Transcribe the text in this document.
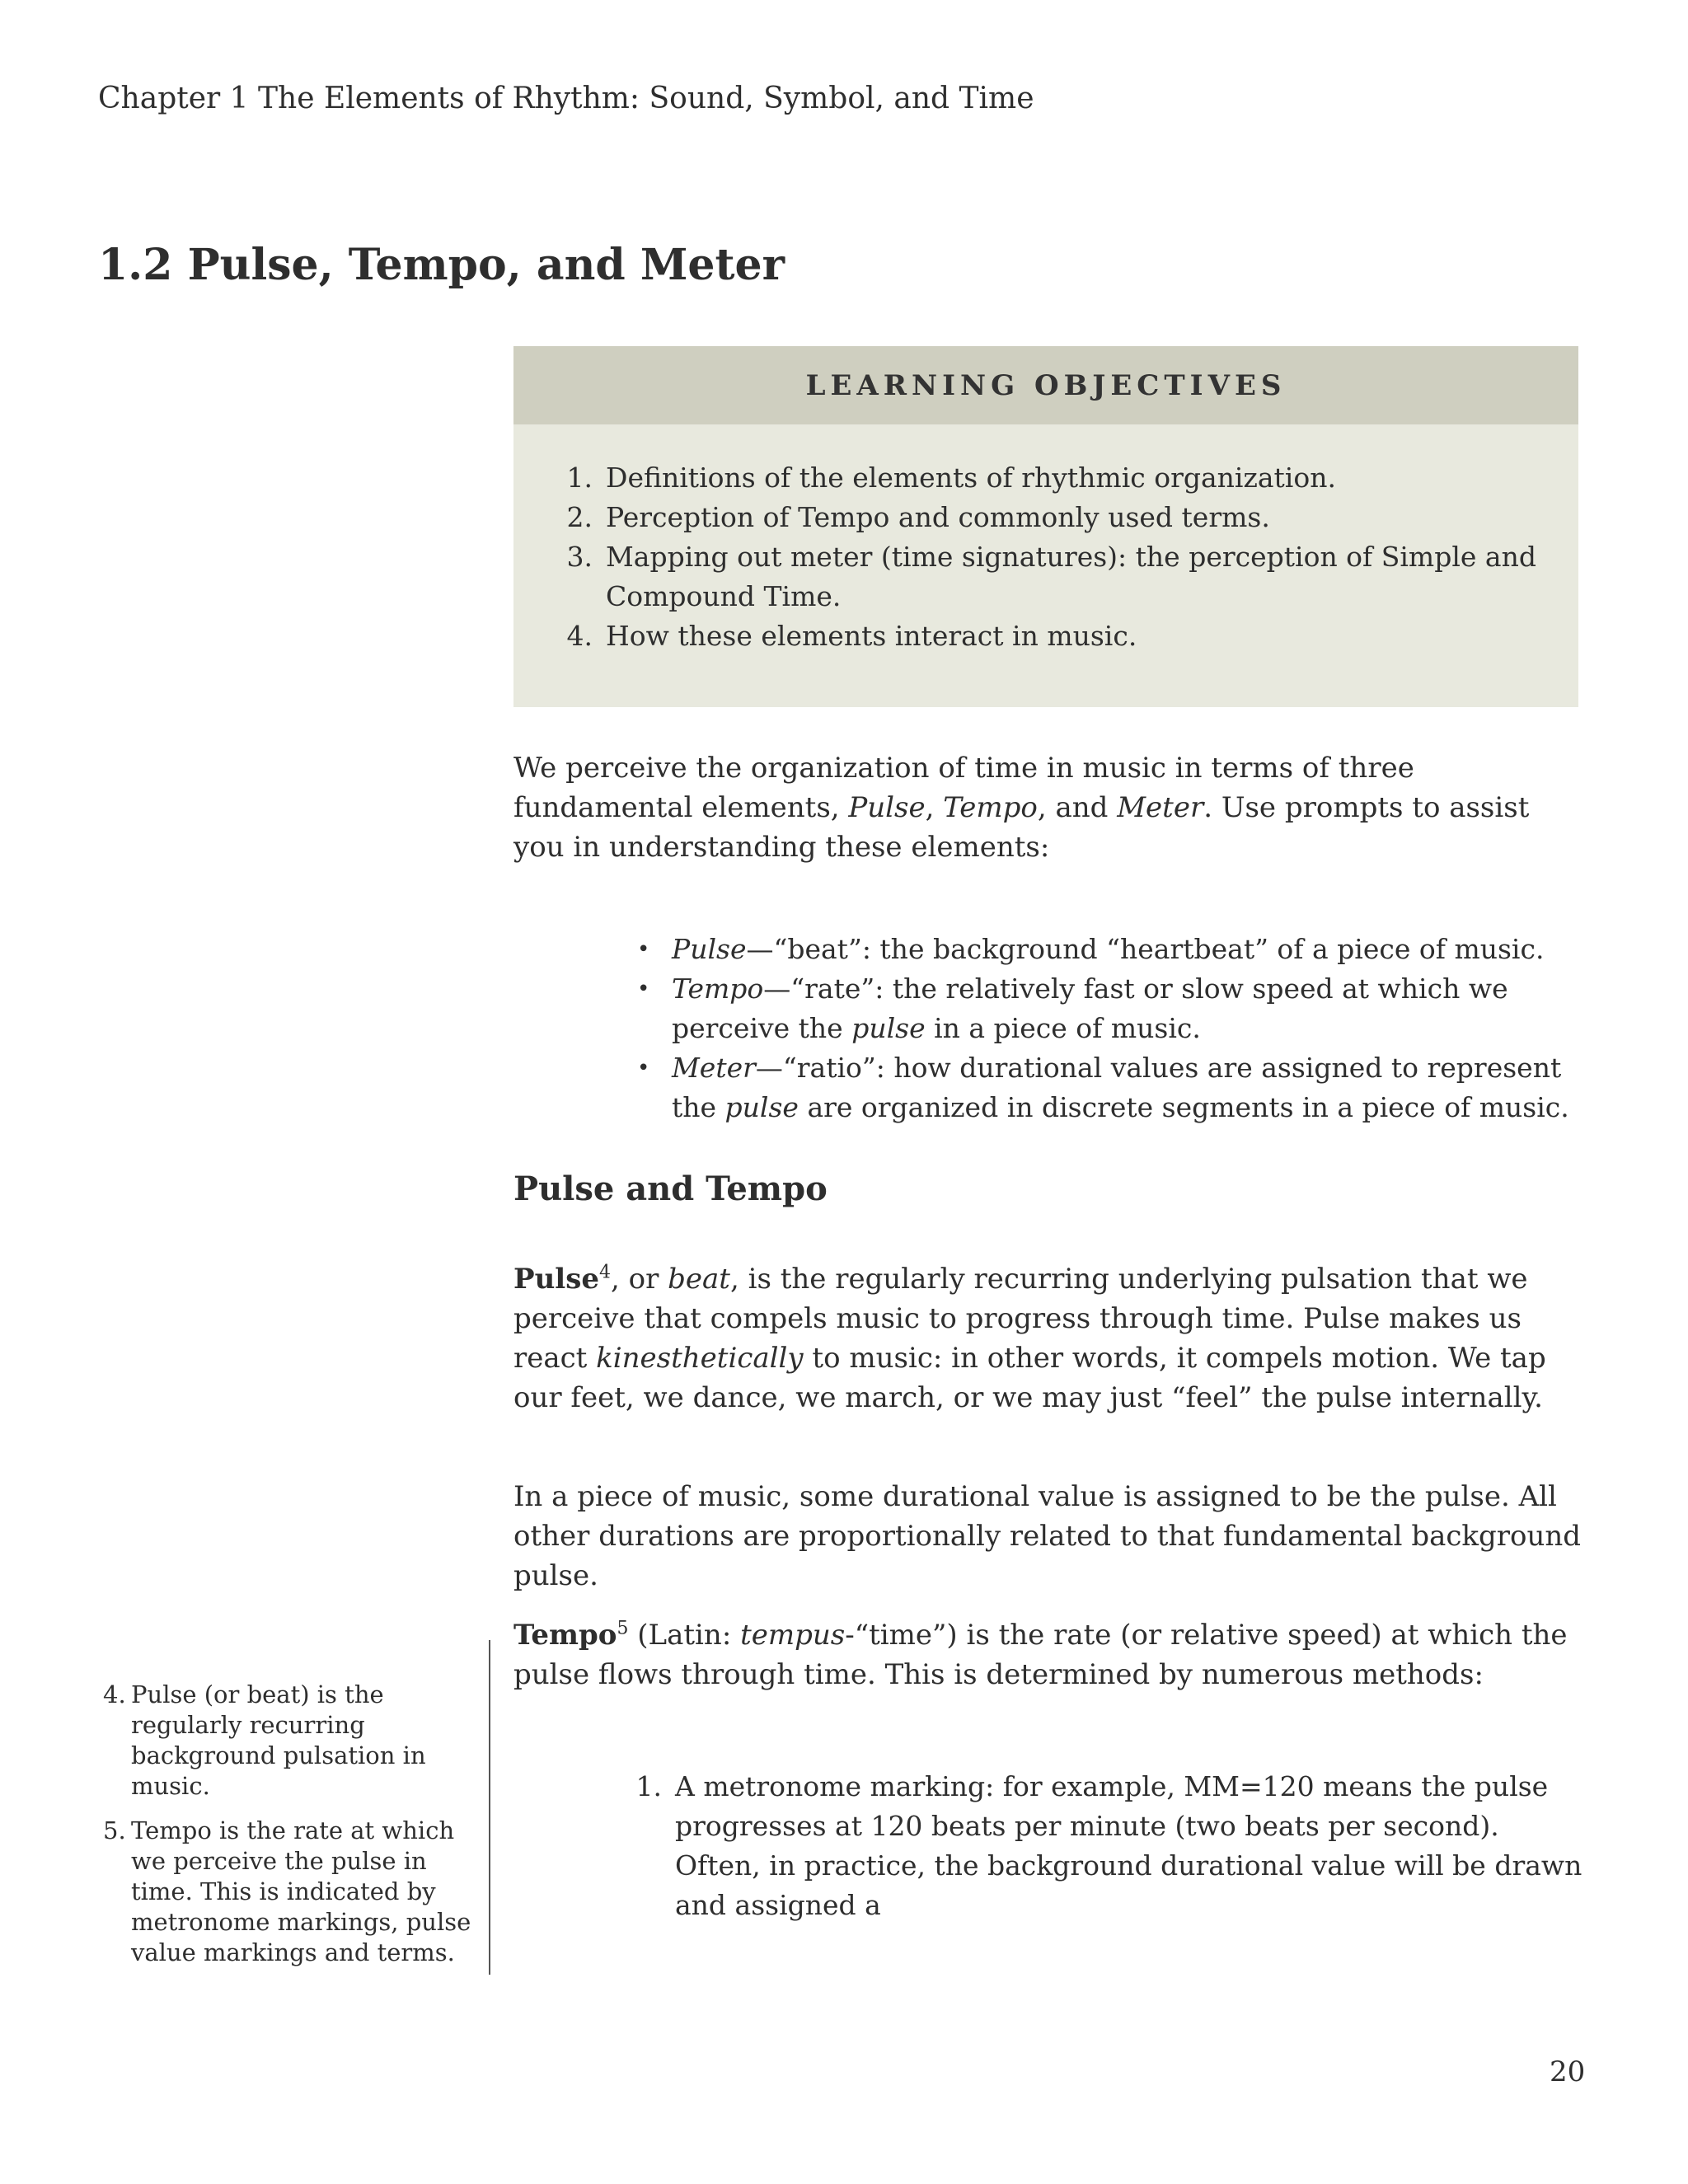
Chapter 1 The Elements of Rhythm: Sound, Symbol, and Time
1.2 Pulse, Tempo, and Meter
LEARNING OBJECTIVES
1. Definitions of the elements of rhythmic organization.
2. Perception of Tempo and commonly used terms.
3. Mapping out meter (time signatures): the perception of Simple and Compound Time.
4. How these elements interact in music.

We perceive the organization of time in music in terms of three fundamental elements, Pulse, Tempo, and Meter. Use prompts to assist you in understanding these elements:

• Pulse—“beat”: the background “heartbeat” of a piece of music.
• Tempo—“rate”: the relatively fast or slow speed at which we perceive the pulse in a piece of music.
• Meter—“ratio”: how durational values are assigned to represent the pulse are organized in discrete segments in a piece of music.
Pulse and Tempo

Pulse$^4$, or beat, is the regularly recurring underlying pulsation that we perceive that compels music to progress through time. Pulse makes us react kinesthetically to music: in other words, it compels motion. We tap our feet, we dance, we march, or we may just “feel” the pulse internally.

In a piece of music, some durational value is assigned to be the pulse. All other durations are proportionally related to that fundamental background pulse.

Tempo$^5$ (Latin: tempus-“time”) is the rate (or relative speed) at which the pulse flows through time. This is determined by numerous methods:

1. A metronome marking: for example, MM=120 means the pulse progresses at 120 beats per minute (two beats per second). Often, in practice, the background durational value will be drawn and assigned a
4. Pulse (or beat) is the regularly recurring background pulsation in music.
5. Tempo is the rate at which we perceive the pulse in time. This is indicated by metronome markings, pulse value markings and terms.
20
